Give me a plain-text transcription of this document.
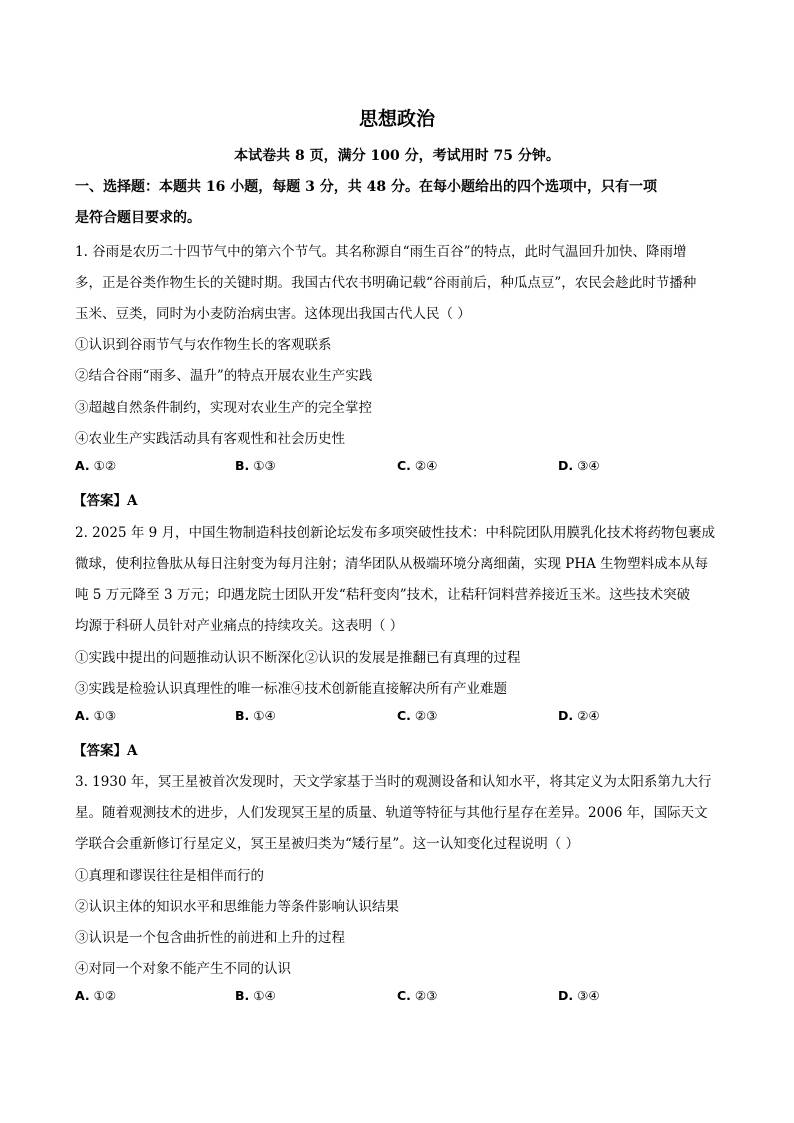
思想政治
本试卷共 8 页，满分 100 分，考试用时 75 分钟。
一、选择题：本题共 16 小题，每题 3 分，共 48 分。在每小题给出的四个选项中，只有一项
是符合题目要求的。
1. 谷雨是农历二十四节气中的第六个节气。其名称源自“雨生百谷”的特点，此时气温回升加快、降雨增
多，正是谷类作物生长的关键时期。我国古代农书明确记载“谷雨前后，种瓜点豆”，农民会趁此时节播种
玉米、豆类，同时为小麦防治病虫害。这体现出我国古代人民（ ）
①认识到谷雨节气与农作物生长的客观联系
②结合谷雨“雨多、温升”的特点开展农业生产实践
③超越自然条件制约，实现对农业生产的完全掌控
④农业生产实践活动具有客观性和社会历史性
A. ①②	B. ①③	C. ②④	D. ③④
【答案】A
2. 2025 年 9 月，中国生物制造科技创新论坛发布多项突破性技术：中科院团队用膜乳化技术将药物包裹成
微球，使利拉鲁肽从每日注射变为每月注射；清华团队从极端环境分离细菌，实现 PHA 生物塑料成本从每
吨 5 万元降至 3 万元；印遇龙院士团队开发“秸秆变肉”技术，让秸秆饲料营养接近玉米。这些技术突破
均源于科研人员针对产业痛点的持续攻关。这表明（ ）
①实践中提出的问题推动认识不断深化②认识的发展是推翻已有真理的过程
③实践是检验认识真理性的唯一标准④技术创新能直接解决所有产业难题
A. ①③	B. ①④	C. ②③	D. ②④
【答案】A
3. 1930 年，冥王星被首次发现时，天文学家基于当时的观测设备和认知水平，将其定义为太阳系第九大行
星。随着观测技术的进步，人们发现冥王星的质量、轨道等特征与其他行星存在差异。2006 年，国际天文
学联合会重新修订行星定义，冥王星被归类为“矮行星”。这一认知变化过程说明（ ）
①真理和谬误往往是相伴而行的
②认识主体的知识水平和思维能力等条件影响认识结果
③认识是一个包含曲折性的前进和上升的过程
④对同一个对象不能产生不同的认识
A. ①②	B. ①④	C. ②③	D. ③④
